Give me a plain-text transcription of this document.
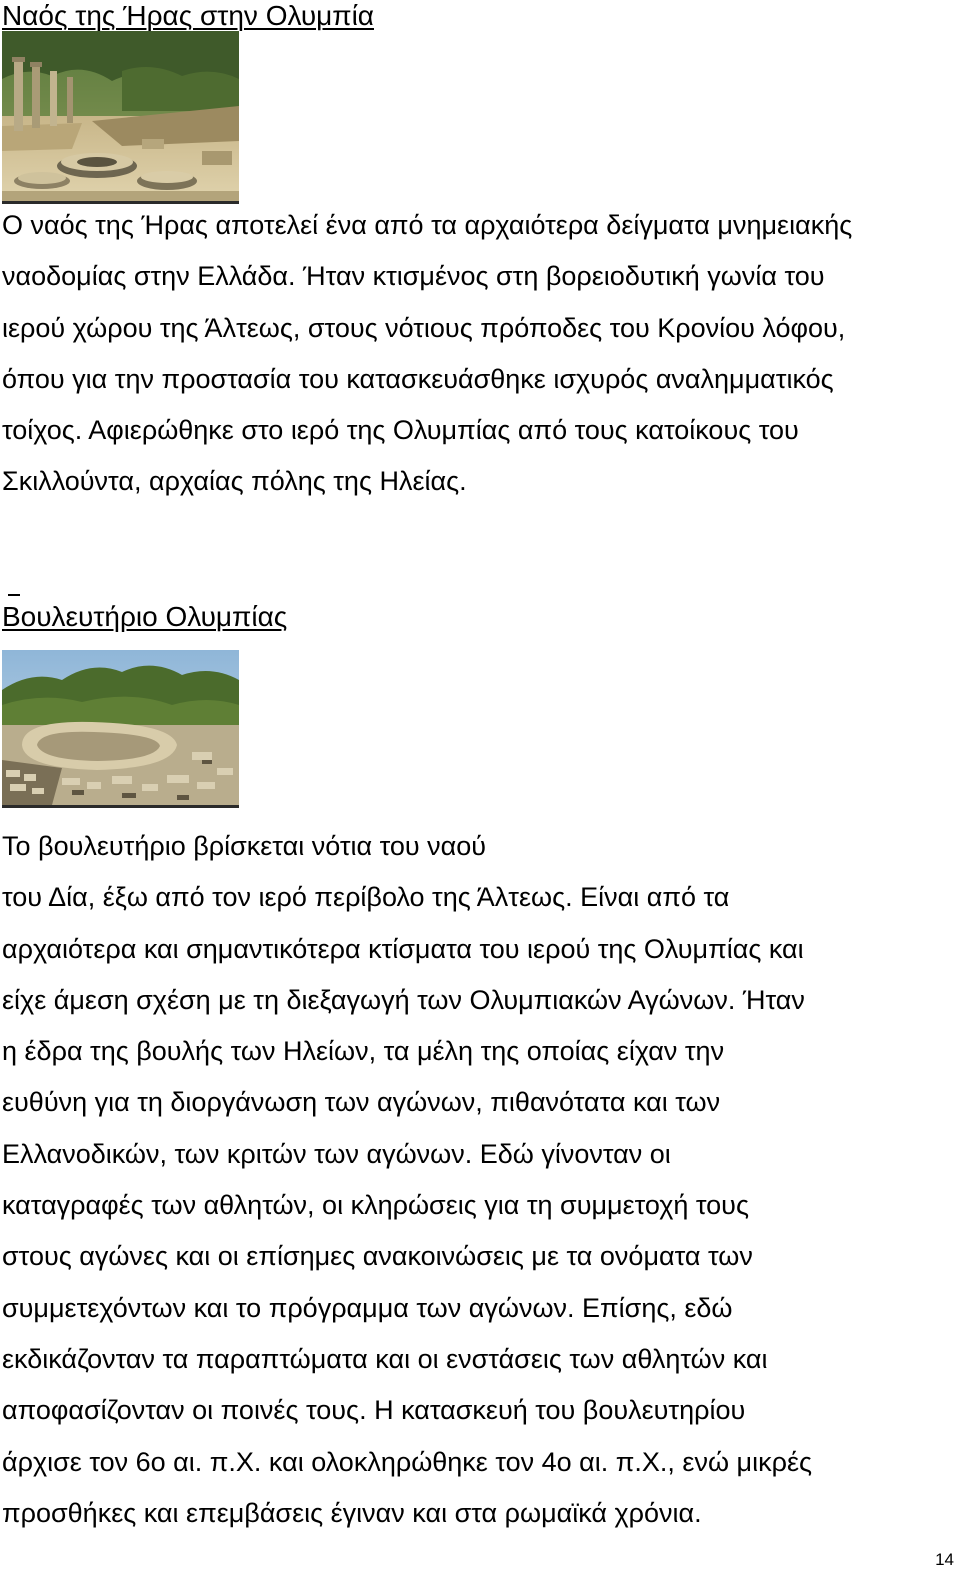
Ναός της Ήρας στην Ολυμπία

Ο ναός της Ήρας αποτελεί ένα από τα αρχαιότερα δείγματα μνημειακής
ναοδομίας στην Ελλάδα. Ήταν κτισμένος στη βορειοδυτική γωνία του
ιερού χώρου της Άλτεως, στους νότιους πρόποδες του Κρονίου λόφου,
όπου για την προστασία του κατασκευάσθηκε ισχυρός αναλημματικός
τοίχος. Αφιερώθηκε στο ιερό της Ολυμπίας από τους κατοίκους του
Σκιλλούντα, αρχαίας πόλης της Ηλείας.

Βουλευτήριο Ολυμπίας

Το βουλευτήριο βρίσκεται νότια του ναού
του Δία, έξω από τον ιερό περίβολο της Άλτεως. Είναι από τα
αρχαιότερα και σημαντικότερα κτίσματα του ιερού της Ολυμπίας και
είχε άμεση σχέση με τη διεξαγωγή των Ολυμπιακών Αγώνων. Ήταν
η έδρα της βουλής των Ηλείων, τα μέλη της οποίας είχαν την
ευθύνη για τη διοργάνωση των αγώνων, πιθανότατα και των
Ελλανοδικών, των κριτών των αγώνων. Εδώ γίνονταν οι
καταγραφές των αθλητών, οι κληρώσεις για τη συμμετοχή τους
στους αγώνες και οι επίσημες ανακοινώσεις με τα ονόματα των
συμμετεχόντων και το πρόγραμμα των αγώνων. Επίσης, εδώ
εκδικάζονταν τα παραπτώματα και οι ενστάσεις των αθλητών και
αποφασίζονταν οι ποινές τους. Η κατασκευή του βουλευτηρίου
άρχισε τον 6ο αι. π.Χ. και ολοκληρώθηκε τον 4ο αι. π.Χ., ενώ μικρές
προσθήκες και επεμβάσεις έγιναν και στα ρωμαϊκά χρόνια.

14
